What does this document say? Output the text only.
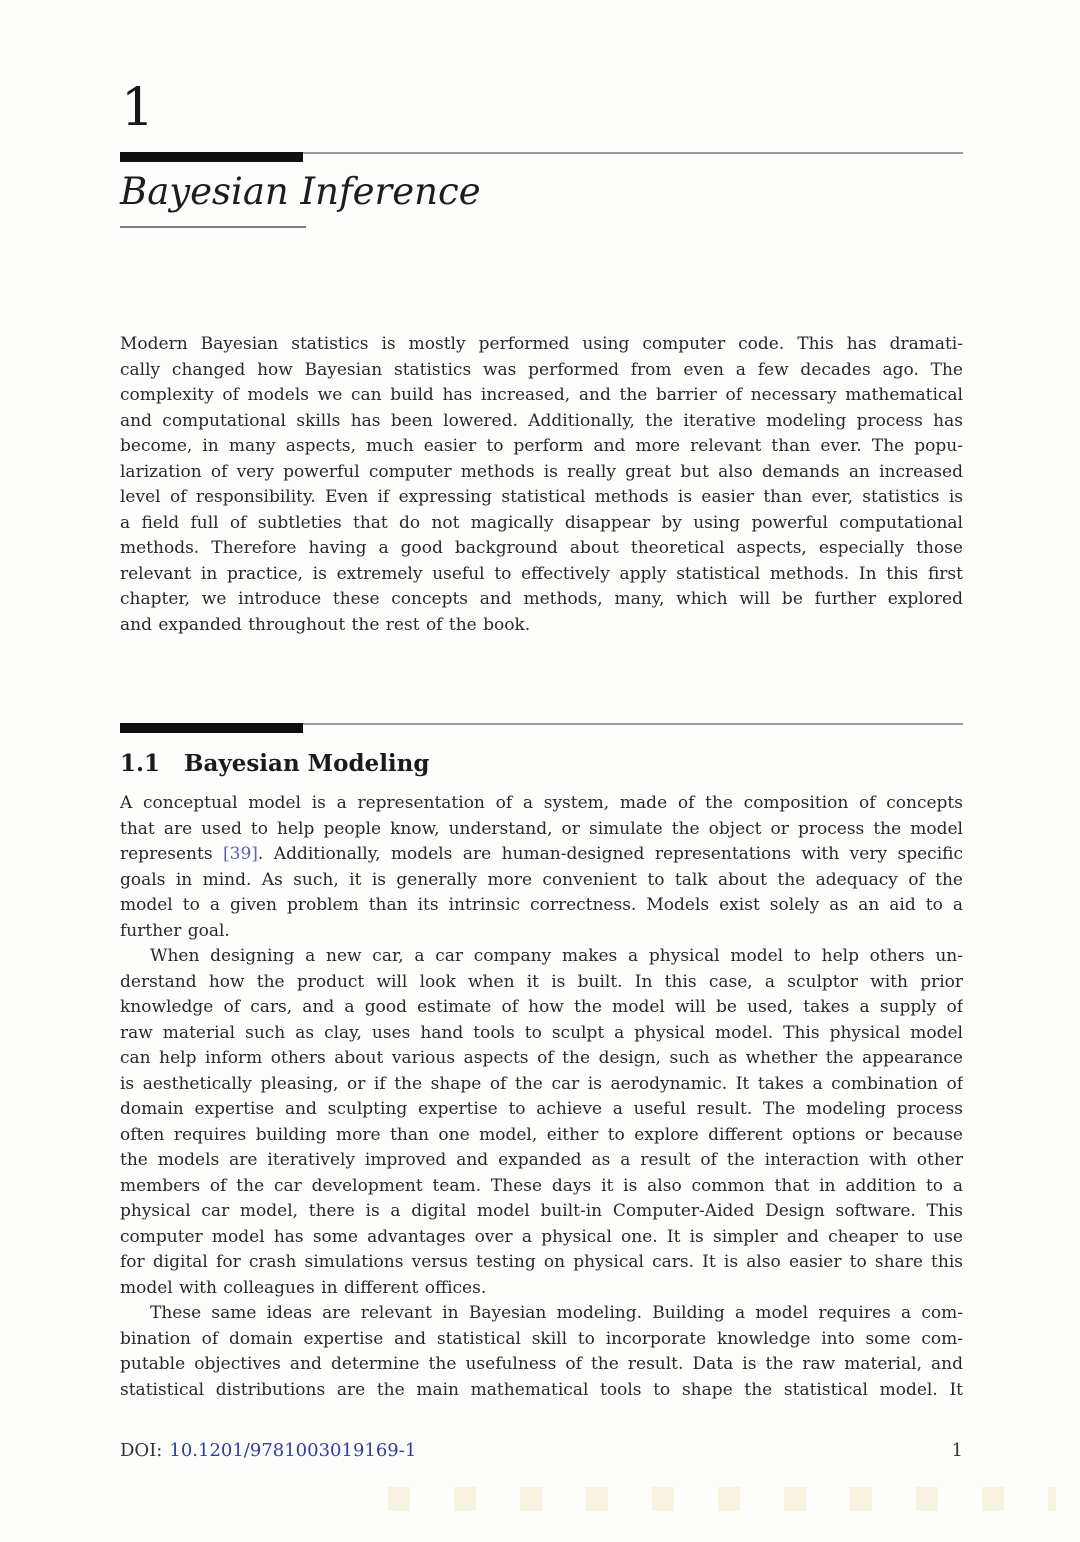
1
Bayesian Inference
Modern Bayesian statistics is mostly performed using computer code. This has dramati-
cally changed how Bayesian statistics was performed from even a few decades ago. The
complexity of models we can build has increased, and the barrier of necessary mathematical
and computational skills has been lowered. Additionally, the iterative modeling process has
become, in many aspects, much easier to perform and more relevant than ever. The popu-
larization of very powerful computer methods is really great but also demands an increased
level of responsibility. Even if expressing statistical methods is easier than ever, statistics is
a field full of subtleties that do not magically disappear by using powerful computational
methods. Therefore having a good background about theoretical aspects, especially those
relevant in practice, is extremely useful to effectively apply statistical methods. In this first
chapter, we introduce these concepts and methods, many, which will be further explored
and expanded throughout the rest of the book.
1.1 Bayesian Modeling
A conceptual model is a representation of a system, made of the composition of concepts
that are used to help people know, understand, or simulate the object or process the model
represents [39]. Additionally, models are human-designed representations with very specific
goals in mind. As such, it is generally more convenient to talk about the adequacy of the
model to a given problem than its intrinsic correctness. Models exist solely as an aid to a
further goal.
When designing a new car, a car company makes a physical model to help others un-
derstand how the product will look when it is built. In this case, a sculptor with prior
knowledge of cars, and a good estimate of how the model will be used, takes a supply of
raw material such as clay, uses hand tools to sculpt a physical model. This physical model
can help inform others about various aspects of the design, such as whether the appearance
is aesthetically pleasing, or if the shape of the car is aerodynamic. It takes a combination of
domain expertise and sculpting expertise to achieve a useful result. The modeling process
often requires building more than one model, either to explore different options or because
the models are iteratively improved and expanded as a result of the interaction with other
members of the car development team. These days it is also common that in addition to a
physical car model, there is a digital model built-in Computer-Aided Design software. This
computer model has some advantages over a physical one. It is simpler and cheaper to use
for digital for crash simulations versus testing on physical cars. It is also easier to share this
model with colleagues in different offices.
These same ideas are relevant in Bayesian modeling. Building a model requires a com-
bination of domain expertise and statistical skill to incorporate knowledge into some com-
putable objectives and determine the usefulness of the result. Data is the raw material, and
statistical distributions are the main mathematical tools to shape the statistical model. It
DOI: 10.1201/9781003019169-1	1
